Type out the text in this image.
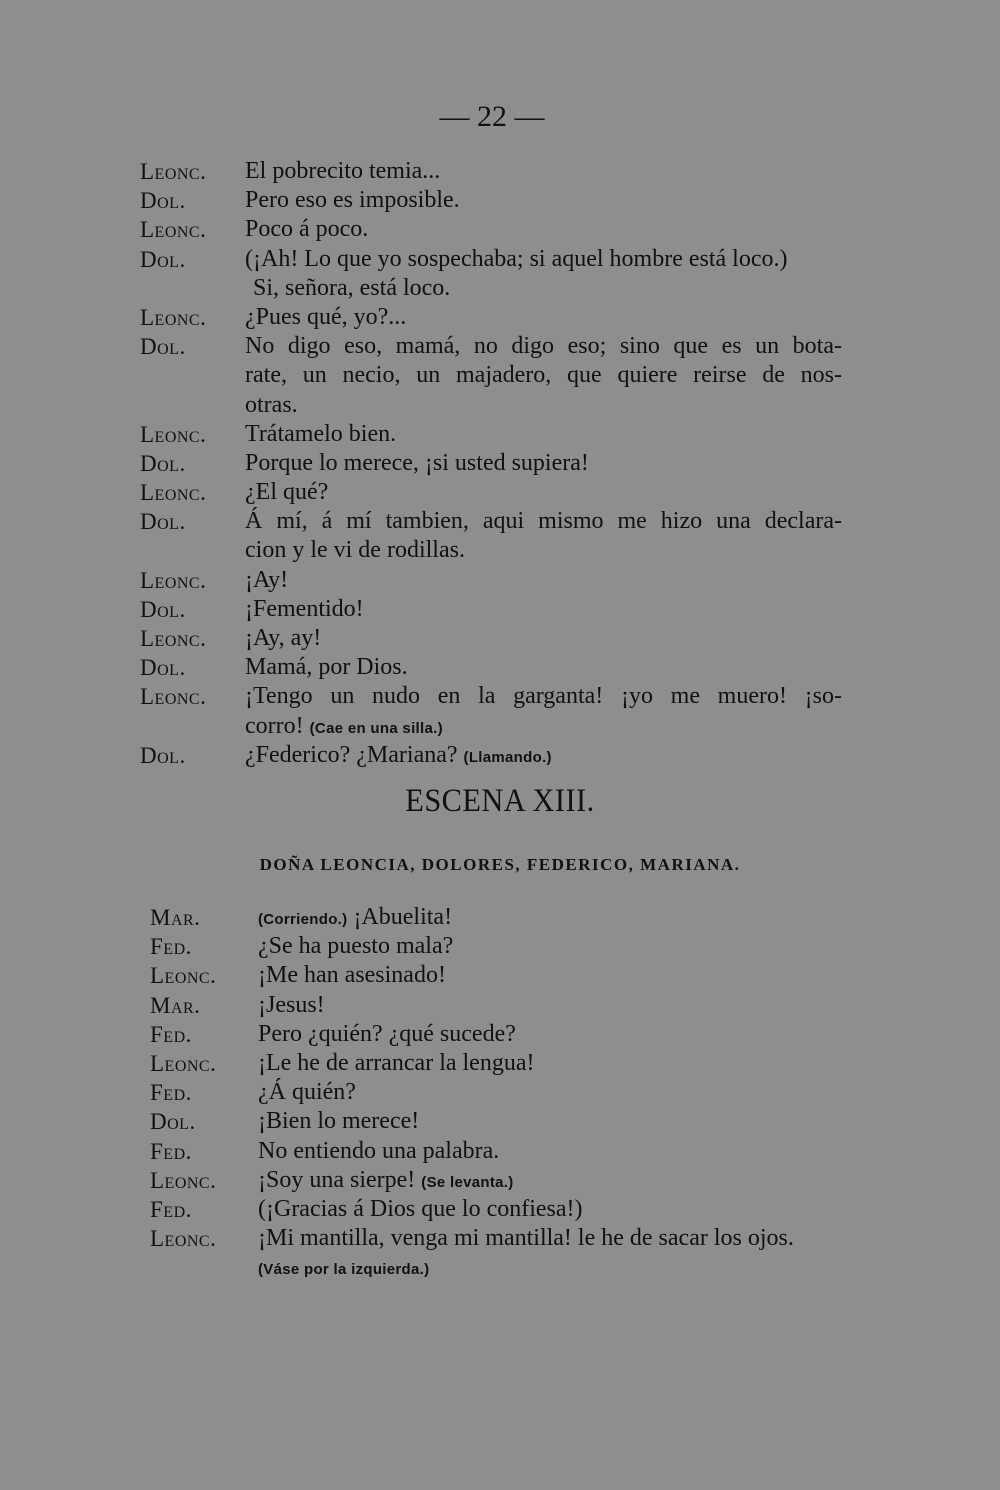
— 22 —
Leonc. El pobrecito temia...
Dol. Pero eso es imposible.
Leonc. Poco á poco.
Dol. (¡Ah! Lo que yo sospechaba; si aquel hombre está loco.)
Si, señora, está loco.
Leonc. ¿Pues qué, yo?...
Dol. No digo eso, mamá, no digo eso; sino que es un bota-
rate, un necio, un majadero, que quiere reirse de nos-
otras.
Leonc. Trátamelo bien.
Dol. Porque lo merece, ¡si usted supiera!
Leonc. ¿El qué?
Dol. Á mí, á mí tambien, aqui mismo me hizo una declara-
cion y le vi de rodillas.
Leonc. ¡Ay!
Dol. ¡Fementido!
Leonc. ¡Ay, ay!
Dol. Mamá, por Dios.
Leonc. ¡Tengo un nudo en la garganta! ¡yo me muero! ¡so-
corro! (Cae en una silla.)
Dol. ¿Federico? ¿Mariana? (Llamando.)
ESCENA XIII.
DOÑA LEONCIA, DOLORES, FEDERICO, MARIANA.
Mar.	(Corriendo.) ¡Abuelita!
Fed.	¿Se ha puesto mala?
Leonc. ¡Me han asesinado!
Mar. ¡Jesus!
Fed.	Pero ¿quién? ¿qué sucede?
Leonc. ¡Le he de arrancar la lengua!
Fed.	¿Á quién?
Dol.	¡Bien lo merece!
Fed.	No entiendo una palabra.
Leonc. ¡Soy una sierpe! (Se levanta.)
Fed.	(¡Gracias á Dios que lo confiesa!)
Leonc. ¡Mi mantilla, venga mi mantilla! le he de sacar los ojos.
(Váse por la izquierda.)
